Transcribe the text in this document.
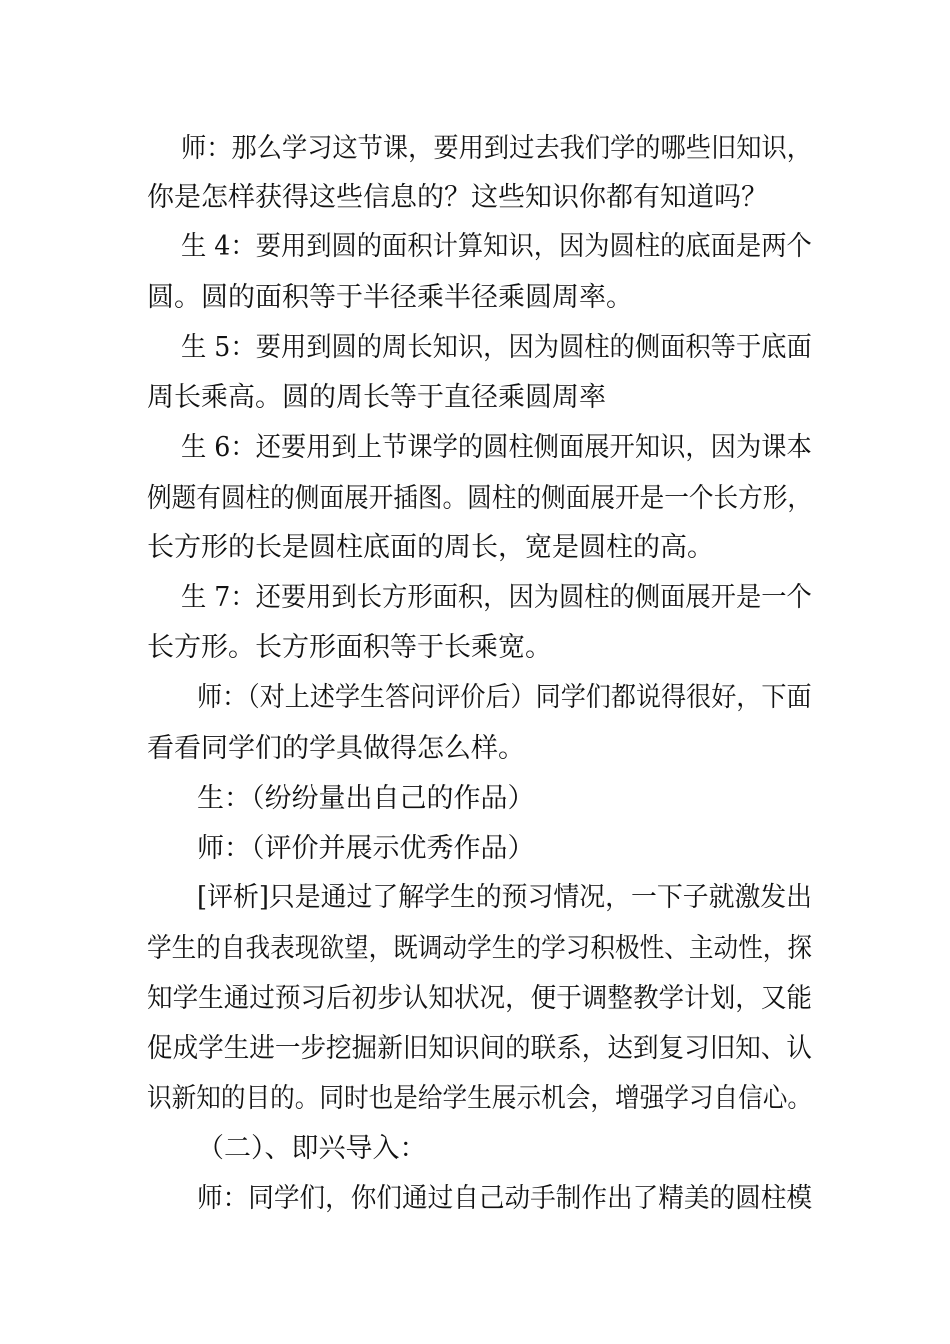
师：那么学习这节课，要用到过去我们学的哪些旧知识，
你是怎样获得这些信息的？这些知识你都有知道吗？
生 4：要用到圆的面积计算知识，因为圆柱的底面是两个
圆。圆的面积等于半径乘半径乘圆周率。
生 5：要用到圆的周长知识，因为圆柱的侧面积等于底面
周长乘高。圆的周长等于直径乘圆周率
生 6：还要用到上节课学的圆柱侧面展开知识，因为课本
例题有圆柱的侧面展开插图。圆柱的侧面展开是一个长方形，
长方形的长是圆柱底面的周长，宽是圆柱的高。
生 7：还要用到长方形面积，因为圆柱的侧面展开是一个
长方形。长方形面积等于长乘宽。
师：（对上述学生答问评价后）同学们都说得很好，下面
看看同学们的学具做得怎么样。
生：（纷纷量出自己的作品）
师：（评价并展示优秀作品）
[评析]只是通过了解学生的预习情况，一下子就激发出
学生的自我表现欲望，既调动学生的学习积极性、主动性，探
知学生通过预习后初步认知状况，便于调整教学计划，又能
促成学生进一步挖掘新旧知识间的联系，达到复习旧知、认
识新知的目的。同时也是给学生展示机会，增强学习自信心。
（二）、即兴导入：
师：同学们，你们通过自己动手制作出了精美的圆柱模
